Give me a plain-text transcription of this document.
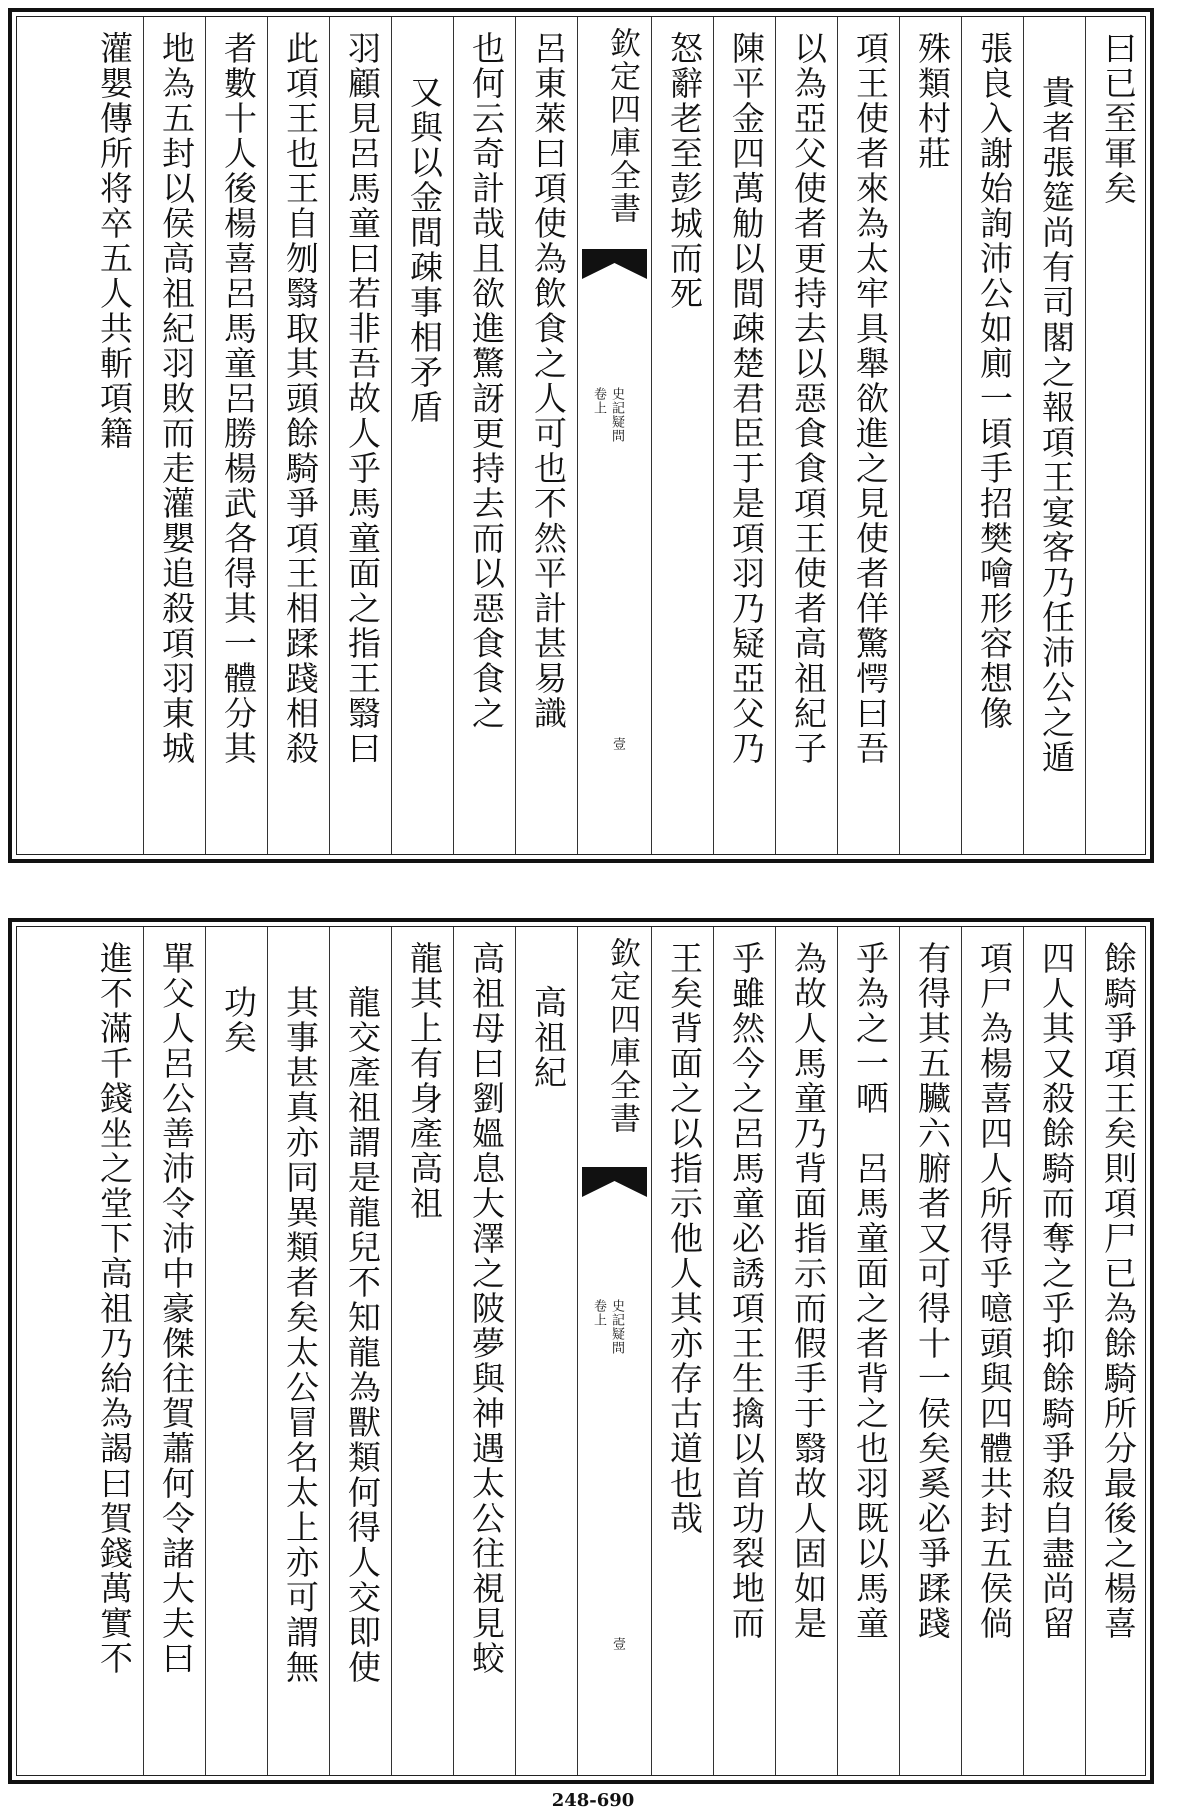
曰已至軍矣
貴者張筵尚有司閣之報項王宴客乃任沛公之遁
張良入謝始詢沛公如廁一頃手招樊噲形容想像
殊類村莊
項王使者來為太牢具舉欲進之見使者佯驚愕曰吾
以為亞父使者更持去以惡食食項王使者高祖紀子
陳平金四萬觔以間疎楚君臣于是項羽乃疑亞父乃
怒辭老至彭城而死
欽定四庫全書
史記疑問
卷上
壹
呂東萊曰項使為飲食之人可也不然平計甚易識
也何云奇計哉且欲進驚訝更持去而以惡食食之
又與以金間疎事相矛盾
羽顧見呂馬童曰若非吾故人乎馬童面之指王翳曰
此項王也王自刎翳取其頭餘騎爭項王相蹂踐相殺
者數十人後楊喜呂馬童呂勝楊武各得其一體分其
地為五封以侯高祖紀羽敗而走灌嬰追殺項羽東城
灌嬰傳所将卒五人共斬項籍
餘騎爭項王矣則項尸已為餘騎所分最後之楊喜
四人其又殺餘騎而奪之乎抑餘騎爭殺自盡尚留
項尸為楊喜四人所得乎噫頭與四體共封五侯倘
有得其五臟六腑者又可得十一侯矣奚必爭蹂踐
乎為之一哂　呂馬童面之者背之也羽既以馬童
為故人馬童乃背面指示而假手于翳故人固如是
乎雖然今之呂馬童必誘項王生擒以首功裂地而
王矣背面之以指示他人其亦存古道也哉
欽定四庫全書
史記疑問
卷上
壹
高祖紀
高祖母曰劉媼息大澤之陂夢與神遇太公往視見蛟
龍其上有身產高祖
龍交產祖謂是龍兒不知龍為獸類何得人交即使
其事甚真亦同異類者矣太公冒名太上亦可謂無
功矣
單父人呂公善沛令沛中豪傑往賀蕭何令諸大夫曰
進不滿千錢坐之堂下高祖乃紿為謁曰賀錢萬實不
248-690
